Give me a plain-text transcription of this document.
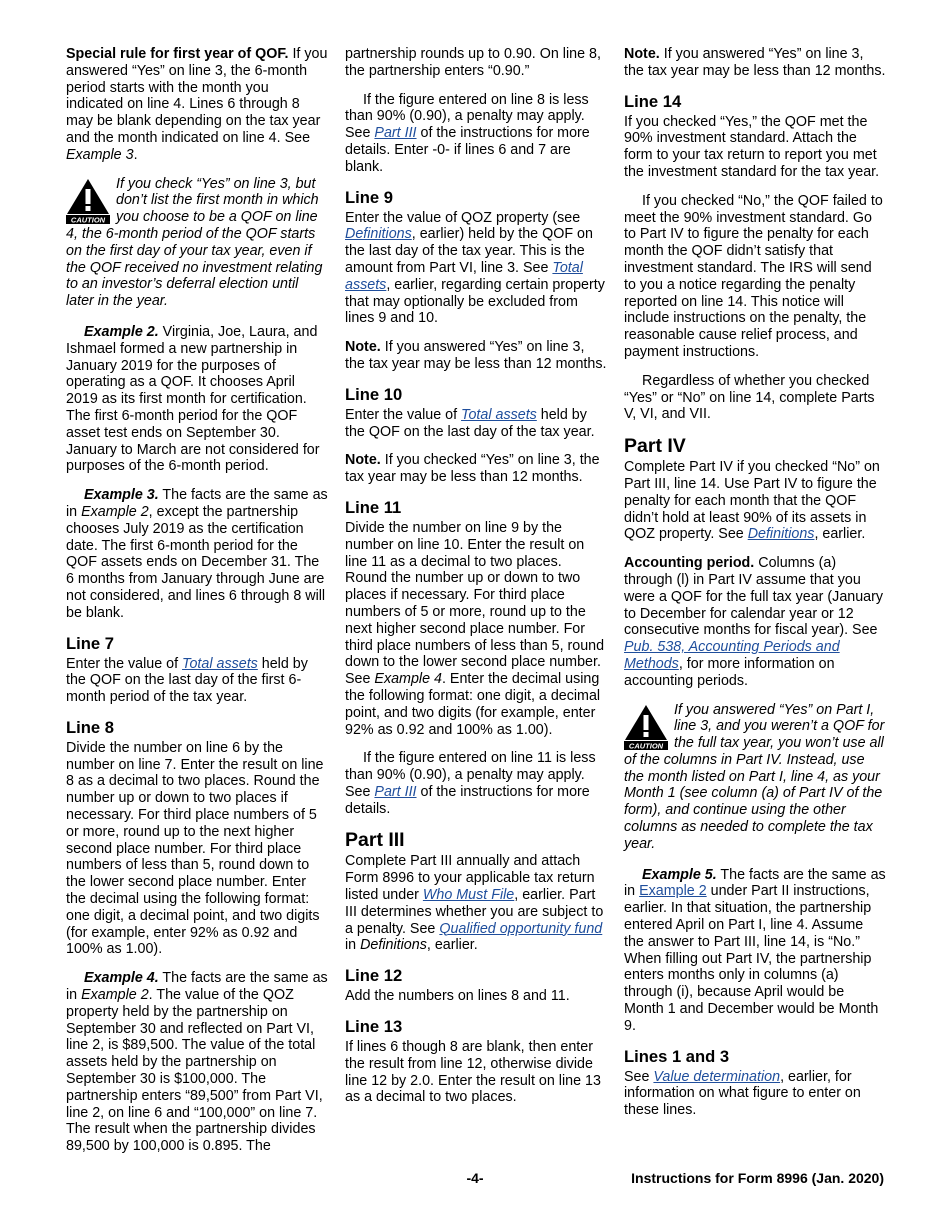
Special rule for first year of QOF. If you answered “Yes” on line 3, the 6-month period starts with the month you indicated on line 4. Lines 6 through 8 may be blank depending on the tax year and the month indicated on line 4. See Example 3.

CAUTION
If you check “Yes” on line 3, but don’t list the first month in which you choose to be a QOF on line 4, the 6-month period of the QOF starts on the first day of your tax year, even if the QOF received no investment relating to an investor’s deferral election until later in the year.

Example 2. Virginia, Joe, Laura, and Ishmael formed a new partnership in January 2019 for the purposes of operating as a QOF. It chooses April 2019 as its first month for certification. The first 6-month period for the QOF asset test ends on September 30. January to March are not considered for purposes of the 6-month period.

Example 3. The facts are the same as in Example 2, except the partnership chooses July 2019 as the certification date. The first 6-month period for the QOF assets ends on December 31. The 6 months from January through June are not considered, and lines 6 through 8 will be blank.

Line 7

Enter the value of Total assets held by the QOF on the last day of the first 6-month period of the tax year.

Line 8

Divide the number on line 6 by the number on line 7. Enter the result on line 8 as a decimal to two places. Round the number up or down to two places if necessary. For third place numbers of 5 or more, round up to the next higher second place number. For third place numbers of less than 5, round down to the lower second place number. Enter the decimal using the following format: one digit, a decimal point, and two digits (for example, enter 92% as 0.92 and 100% as 1.00).

Example 4. The facts are the same as in Example 2. The value of the QOZ property held by the partnership on September 30 and reflected on Part VI, line 2, is $89,500. The value of the total assets held by the partnership on September 30 is $100,000. The partnership enters “89,500” from Part VI, line 2, on line 6 and “100,000” on line 7. The result when the partnership divides 89,500 by 100,000 is 0.895. The

partnership rounds up to 0.90. On line 8, the partnership enters “0.90.”

If the figure entered on line 8 is less than 90% (0.90), a penalty may apply. See Part III of the instructions for more details. Enter -0- if lines 6 and 7 are blank.

Line 9

Enter the value of QOZ property (see Definitions, earlier) held by the QOF on the last day of the tax year. This is the amount from Part VI, line 3. See Total assets, earlier, regarding certain property that may optionally be excluded from lines 9 and 10.

Note. If you answered “Yes” on line 3, the tax year may be less than 12 months.

Line 10

Enter the value of Total assets held by the QOF on the last day of the tax year.

Note. If you checked “Yes” on line 3, the tax year may be less than 12 months.

Line 11

Divide the number on line 9 by the number on line 10. Enter the result on line 11 as a decimal to two places. Round the number up or down to two places if necessary. For third place numbers of 5 or more, round up to the next higher second place number. For third place numbers of less than 5, round down to the lower second place number. See Example 4. Enter the decimal using the following format: one digit, a decimal point, and two digits (for example, enter 92% as 0.92 and 100% as 1.00).

If the figure entered on line 11 is less than 90% (0.90), a penalty may apply. See Part III of the instructions for more details.

Part III

Complete Part III annually and attach Form 8996 to your applicable tax return listed under Who Must File, earlier. Part III determines whether you are subject to a penalty. See Qualified opportunity fund in Definitions, earlier.

Line 12

Add the numbers on lines 8 and 11.

Line 13

If lines 6 though 8 are blank, then enter the result from line 12, otherwise divide line 12 by 2.0. Enter the result on line 13 as a decimal to two places.

Note. If you answered “Yes” on line 3, the tax year may be less than 12 months.

Line 14

If you checked “Yes,” the QOF met the 90% investment standard. Attach the form to your tax return to report you met the investment standard for the tax year.

If you checked “No,” the QOF failed to meet the 90% investment standard. Go to Part IV to figure the penalty for each month the QOF didn’t satisfy that investment standard. The IRS will send to you a notice regarding the penalty reported on line 14. This notice will include instructions on the penalty, the reasonable cause relief process, and payment instructions.

Regardless of whether you checked “Yes” or “No” on line 14, complete Parts V, VI, and VII.

Part IV

Complete Part IV if you checked “No” on Part III, line 14. Use Part IV to figure the penalty for each month that the QOF didn’t hold at least 90% of its assets in QOZ property. See Definitions, earlier.

Accounting period. Columns (a) through (l) in Part IV assume that you were a QOF for the full tax year (January to December for calendar year or 12 consecutive months for fiscal year). See Pub. 538, Accounting Periods and Methods, for more information on accounting periods.

CAUTION
If you answered “Yes” on Part I, line 3, and you weren’t a QOF for the full tax year, you won’t use all of the columns in Part IV. Instead, use the month listed on Part I, line 4, as your Month 1 (see column (a) of Part IV of the form), and continue using the other columns as needed to complete the tax year.

Example 5. The facts are the same as in Example 2 under Part II instructions, earlier. In that situation, the partnership entered April on Part I, line 4. Assume the answer to Part III, line 14, is “No.” When filling out Part IV, the partnership enters months only in columns (a) through (i), because April would be Month 1 and December would be Month 9.

Lines 1 and 3

See Value determination, earlier, for information on what figure to enter on these lines.

-4-	Instructions for Form 8996 (Jan. 2020)
